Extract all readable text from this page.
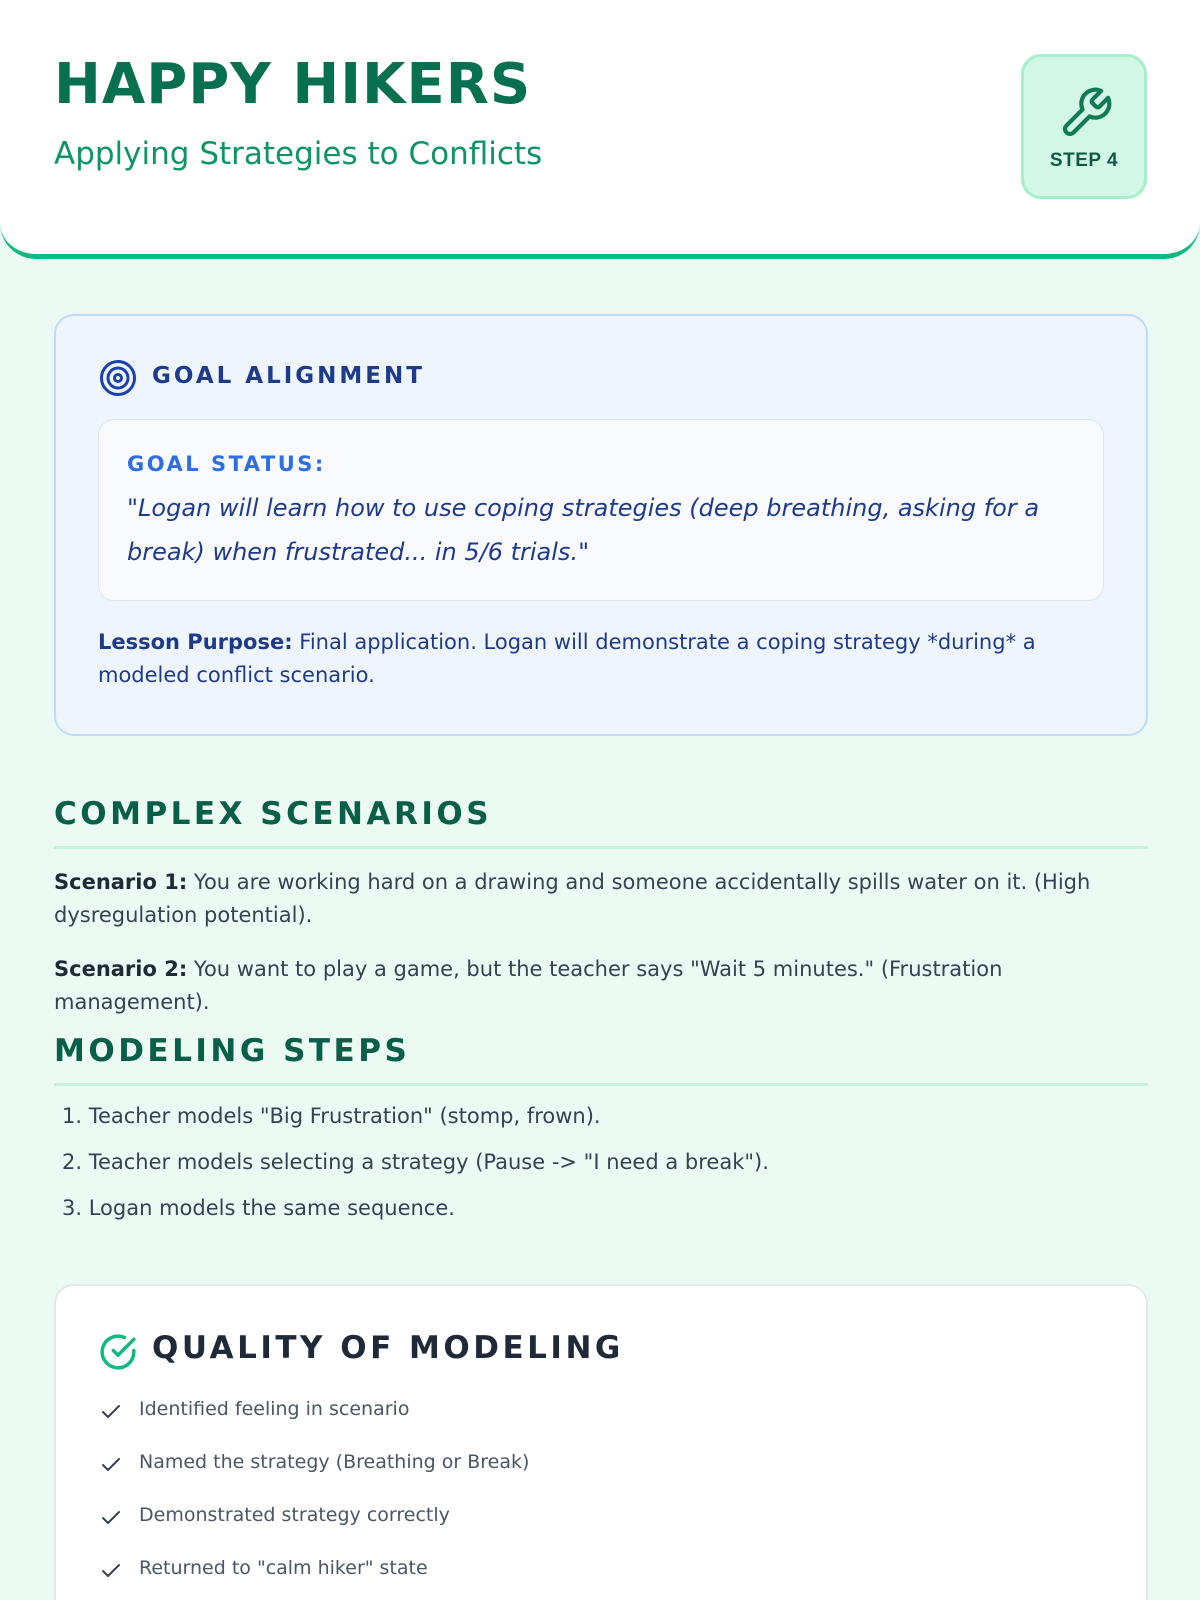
HAPPY HIKERS
Applying Strategies to Conflicts	STEP 4
GOAL ALIGNMENT
GOAL STATUS:
"Logan will learn how to use coping strategies (deep breathing, asking for a break) when frustrated... in 5/6 trials."

Lesson Purpose: Final application. Logan will demonstrate a coping strategy *during* a modeled conflict scenario.

COMPLEX SCENARIOS

Scenario 1: You are working hard on a drawing and someone accidentally spills water on it. (High dysregulation potential).

Scenario 2: You want to play a game, but the teacher says "Wait 5 minutes." (Frustration management).

MODELING STEPS
1. Teacher models "Big Frustration" (stomp, frown).
2. Teacher models selecting a strategy (Pause -> "I need a break").
3. Logan models the same sequence.
QUALITY OF MODELING
Identified feeling in scenario
Named the strategy (Breathing or Break)
Demonstrated strategy correctly
Returned to "calm hiker" state
